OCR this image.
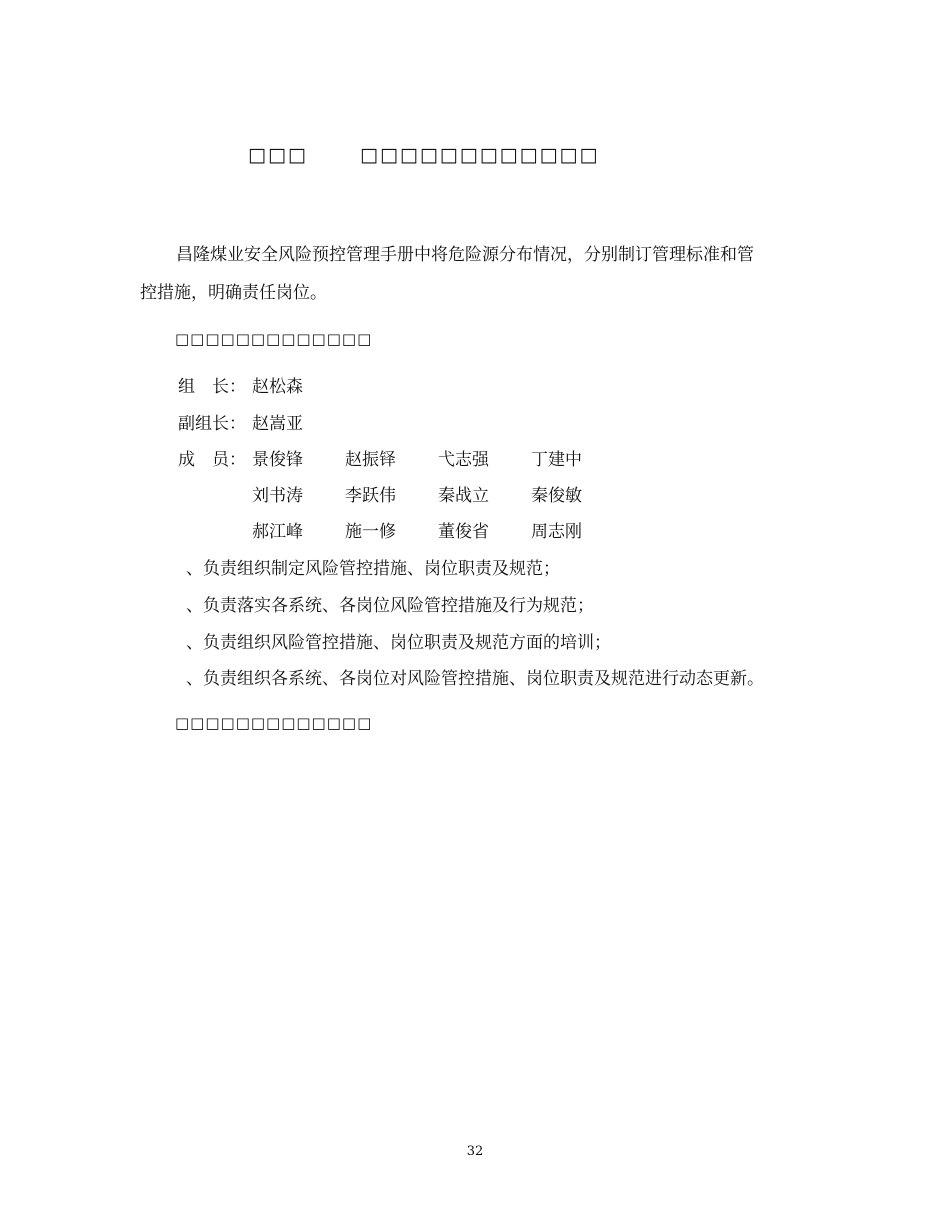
□□□	□□□□□□□□□□□□
昌隆煤业安全风险预控管理手册中将危险源分布情况，分别制订管理标准和管
控措施，明确责任岗位。
□□□□□□□□□□□□□
组　长： 赵松森
副组长： 赵嵩亚
成　员： 景俊锋 赵振铎 弋志强 丁建中
刘书涛 李跃伟 秦战立 秦俊敏
郝江峰 施一修 董俊省 周志刚
、负责组织制定风险管控措施、岗位职责及规范；
、负责落实各系统、各岗位风险管控措施及行为规范；
、负责组织风险管控措施、岗位职责及规范方面的培训；
、负责组织各系统、各岗位对风险管控措施、岗位职责及规范进行动态更新。
□□□□□□□□□□□□□
32
